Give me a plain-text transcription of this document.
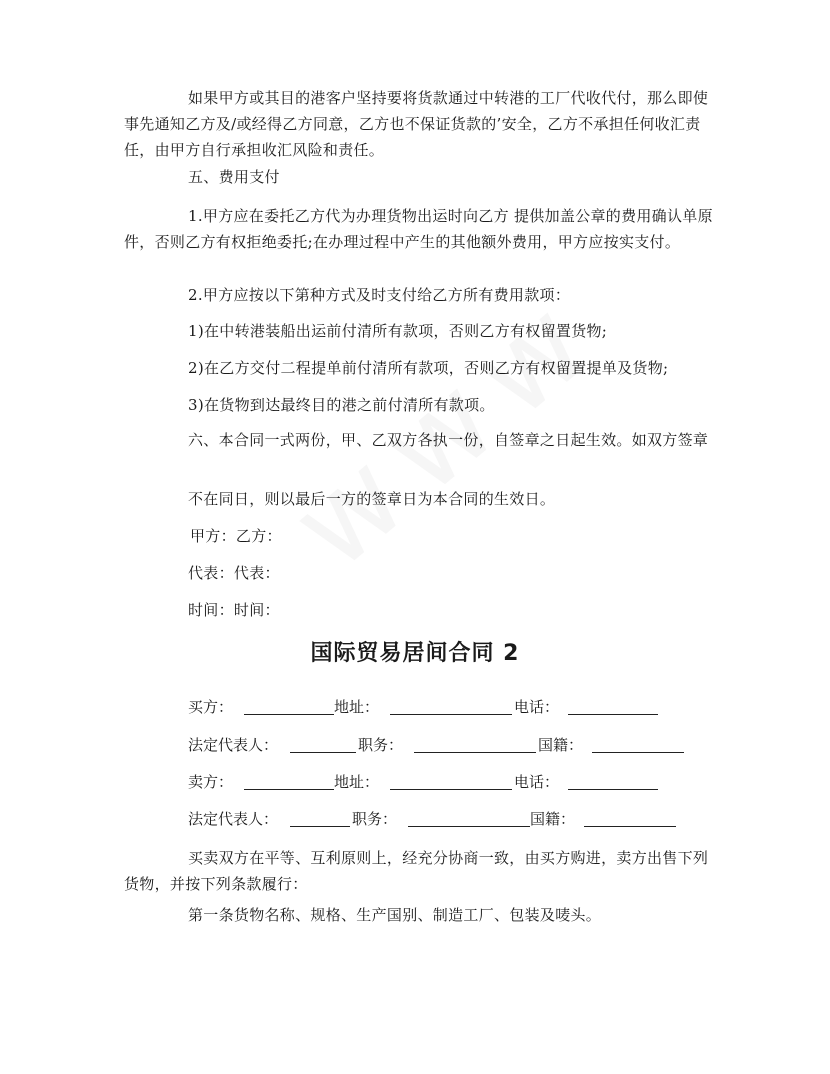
如果甲方或其目的港客户坚持要将货款通过中转港的工厂代收代付，那么即使事先通知乙方及/或经得乙方同意，乙方也不保证货款的’安全，乙方不承担任何收汇责任，由甲方自行承担收汇风险和责任。
五、费用支付
1.甲方应在委托乙方代为办理货物出运时向乙方 提供加盖公章的费用确认单原件，否则乙方有权拒绝委托;在办理过程中产生的其他额外费用，甲方应按实支付。
2.甲方应按以下第种方式及时支付给乙方所有费用款项：
1)在中转港装船出运前付清所有款项，否则乙方有权留置货物;
2)在乙方交付二程提单前付清所有款项，否则乙方有权留置提单及货物;
3)在货物到达最终目的港之前付清所有款项。
六、本合同一式两份，甲、乙双方各执一份，自签章之日起生效。如双方签章
不在同日，则以最后一方的签章日为本合同的生效日。
甲方：乙方：
代表：代表：
时间：时间：
国际贸易居间合同 2
买方：	地址：	电话：
法定代表人：	职务：	国籍：
卖方：	地址：	电话：
法定代表人：	职务：	国籍：
买卖双方在平等、互利原则上，经充分协商一致，由买方购进，卖方出售下列货物，并按下列条款履行：
第一条货物名称、规格、生产国别、制造工厂、包装及唛头。
